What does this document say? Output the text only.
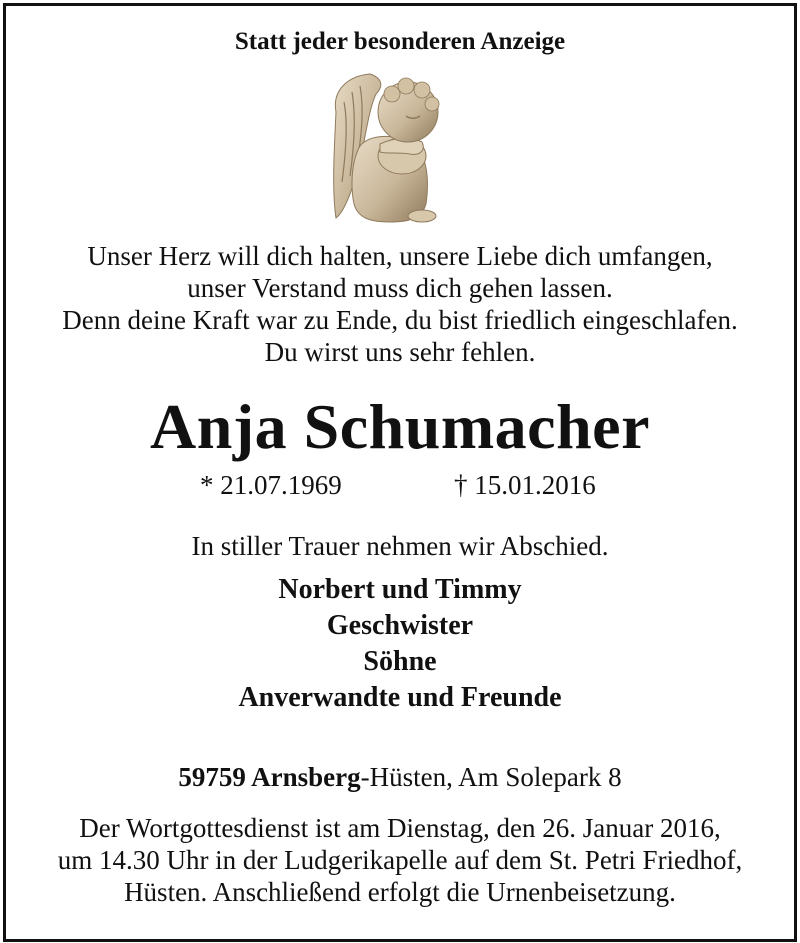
Statt jeder besonderen Anzeige
Unser Herz will dich halten, unsere Liebe dich umfangen,
unser Verstand muss dich gehen lassen.
Denn deine Kraft war zu Ende, du bist friedlich eingeschlafen.
Du wirst uns sehr fehlen.
Anja Schumacher
* 21.07.1969	† 15.01.2016
In stiller Trauer nehmen wir Abschied.
Norbert und Timmy
Geschwister
Söhne
Anverwandte und Freunde
59759 Arnsberg-Hüsten, Am Solepark 8
Der Wortgottesdienst ist am Dienstag, den 26. Januar 2016,
um 14.30 Uhr in der Ludgerikapelle auf dem St. Petri Friedhof,
Hüsten. Anschließend erfolgt die Urnenbeisetzung.
